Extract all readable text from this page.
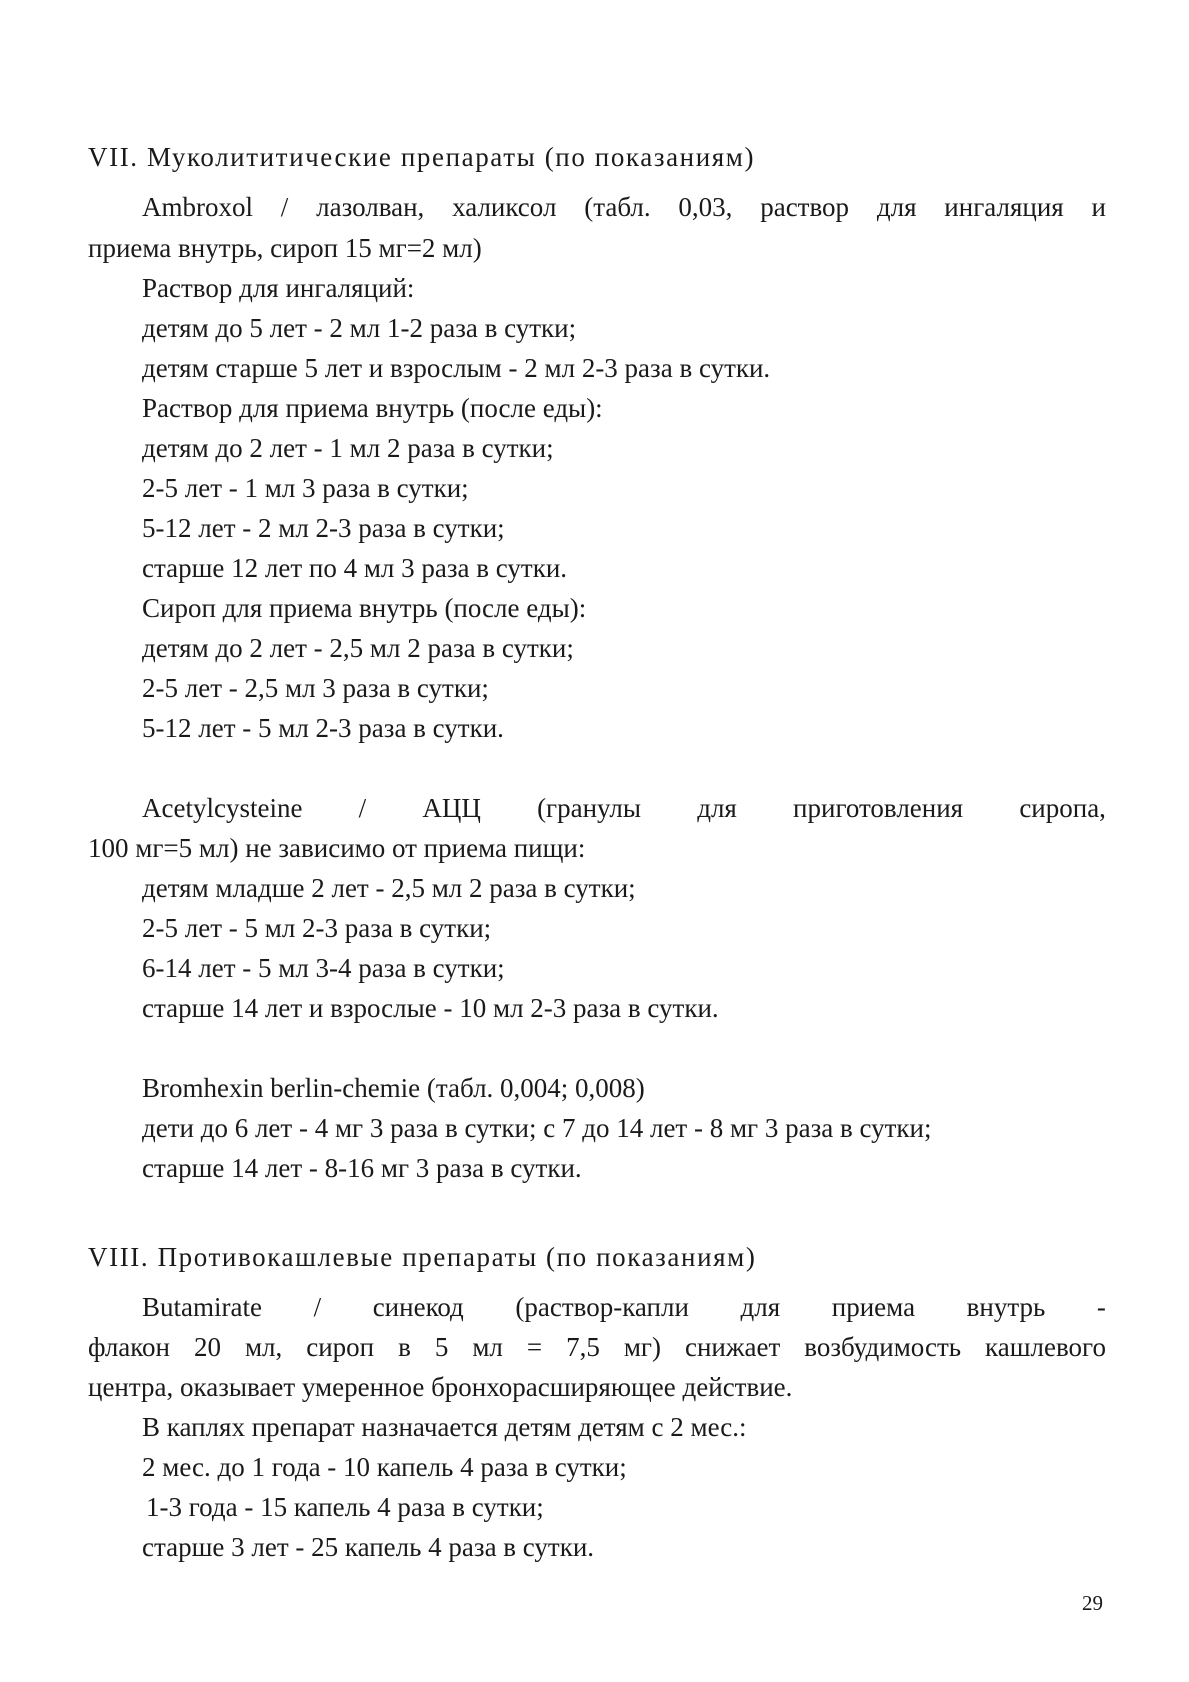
VII. Муколититические препараты (по показаниям)
Ambroxol / лазолван, халиксол (табл. 0,03, раствор для ингаляция и
приема внутрь, сироп 15 мг=2 мл)
Раствор для ингаляций:
детям до 5 лет - 2 мл 1-2 раза в сутки;
детям старше 5 лет и взрослым - 2 мл 2-3 раза в сутки.
Раствор для приема внутрь (после еды):
детям до 2 лет - 1 мл 2 раза в сутки;
2-5 лет - 1 мл 3 раза в сутки;
5-12 лет - 2 мл 2-3 раза в сутки;
старше 12 лет по 4 мл 3 раза в сутки.
Сироп для приема внутрь (после еды):
детям до 2 лет - 2,5 мл 2 раза в сутки;
2-5 лет - 2,5 мл 3 раза в сутки;
5-12 лет - 5 мл 2-3 раза в сутки.
Acetylcysteine / АЦЦ (гранулы для приготовления сиропа,
100 мг=5 мл) не зависимо от приема пищи:
детям младше 2 лет - 2,5 мл 2 раза в сутки;
2-5 лет - 5 мл 2-3 раза в сутки;
6-14 лет - 5 мл 3-4 раза в сутки;
старше 14 лет и взрослые - 10 мл 2-3 раза в сутки.
Bromhexin berlin-chemie (табл. 0,004; 0,008)
дети до 6 лет - 4 мг 3 раза в сутки; с 7 до 14 лет - 8 мг 3 раза в сутки;
старше 14 лет - 8-16 мг 3 раза в сутки.
VIII. Противокашлевые препараты (по показаниям)
Butamirate / синекод (раствор-капли для приема внутрь -
флакон 20 мл, сироп в 5 мл = 7,5 мг) снижает возбудимость кашлевого
центра, оказывает умеренное бронхорасширяющее действие.
В каплях препарат назначается детям детям с 2 мес.:
2 мес. до 1 года - 10 капель 4 раза в сутки;
1-3 года - 15 капель 4 раза в сутки;
старше 3 лет - 25 капель 4 раза в сутки.
29
